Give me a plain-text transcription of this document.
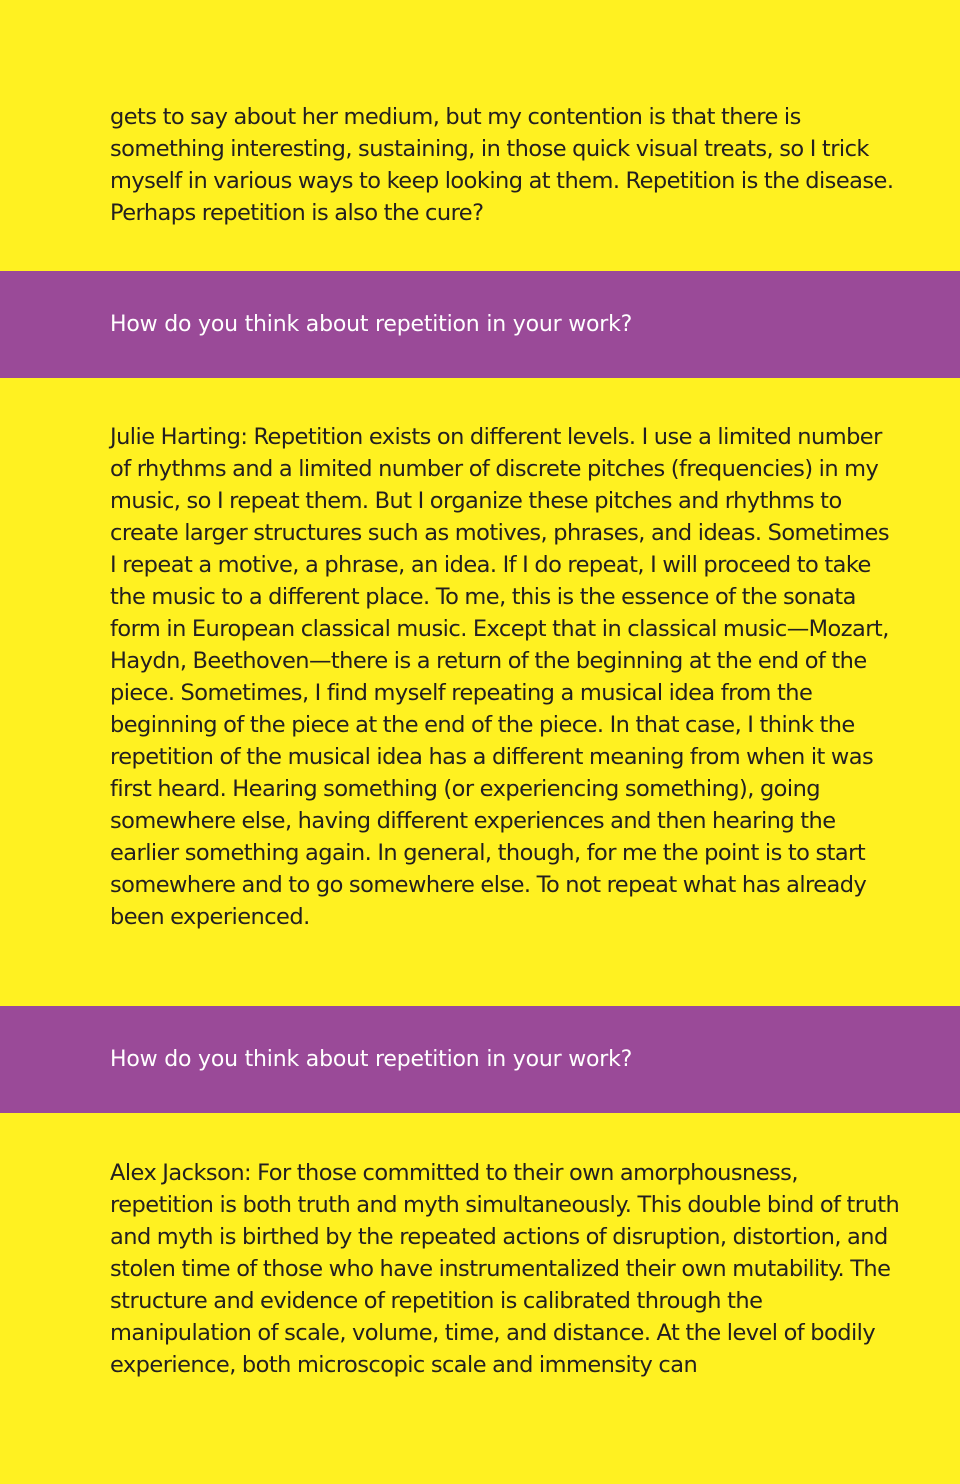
gets to say about her medium, but my contention is that there is something interesting, sustaining, in those quick visual treats, so I trick myself in various ways to keep looking at them. Repetition is the disease. Perhaps repetition is also the cure?

How do you think about repetition in your work?

Julie Harting: Repetition exists on different levels. I use a limited number of rhythms and a limited number of discrete pitches (frequencies) in my music, so I repeat them. But I organize these pitches and rhythms to create larger structures such as motives, phrases, and ideas. Sometimes I repeat a motive, a phrase, an idea. If I do repeat, I will proceed to take the music to a different place. To me, this is the essence of the sonata form in European classical music. Except that in classical music—Mozart, Haydn, Beethoven—there is a return of the beginning at the end of the piece. Sometimes, I find myself repeating a musical idea from the beginning of the piece at the end of the piece. In that case, I think the repetition of the musical idea has a different meaning from when it was first heard. Hearing something (or experiencing something), going somewhere else, having different experiences and then hearing the earlier something again. In general, though, for me the point is to start somewhere and to go somewhere else. To not repeat what has already been experienced.

How do you think about repetition in your work?

Alex Jackson: For those committed to their own amorphousness, repetition is both truth and myth simultaneously. This double bind of truth and myth is birthed by the repeated actions of disruption, distortion, and stolen time of those who have instrumentalized their own mutability. The structure and evidence of repetition is calibrated through the manipulation of scale, volume, time, and distance. At the level of bodily experience, both microscopic scale and immensity can
